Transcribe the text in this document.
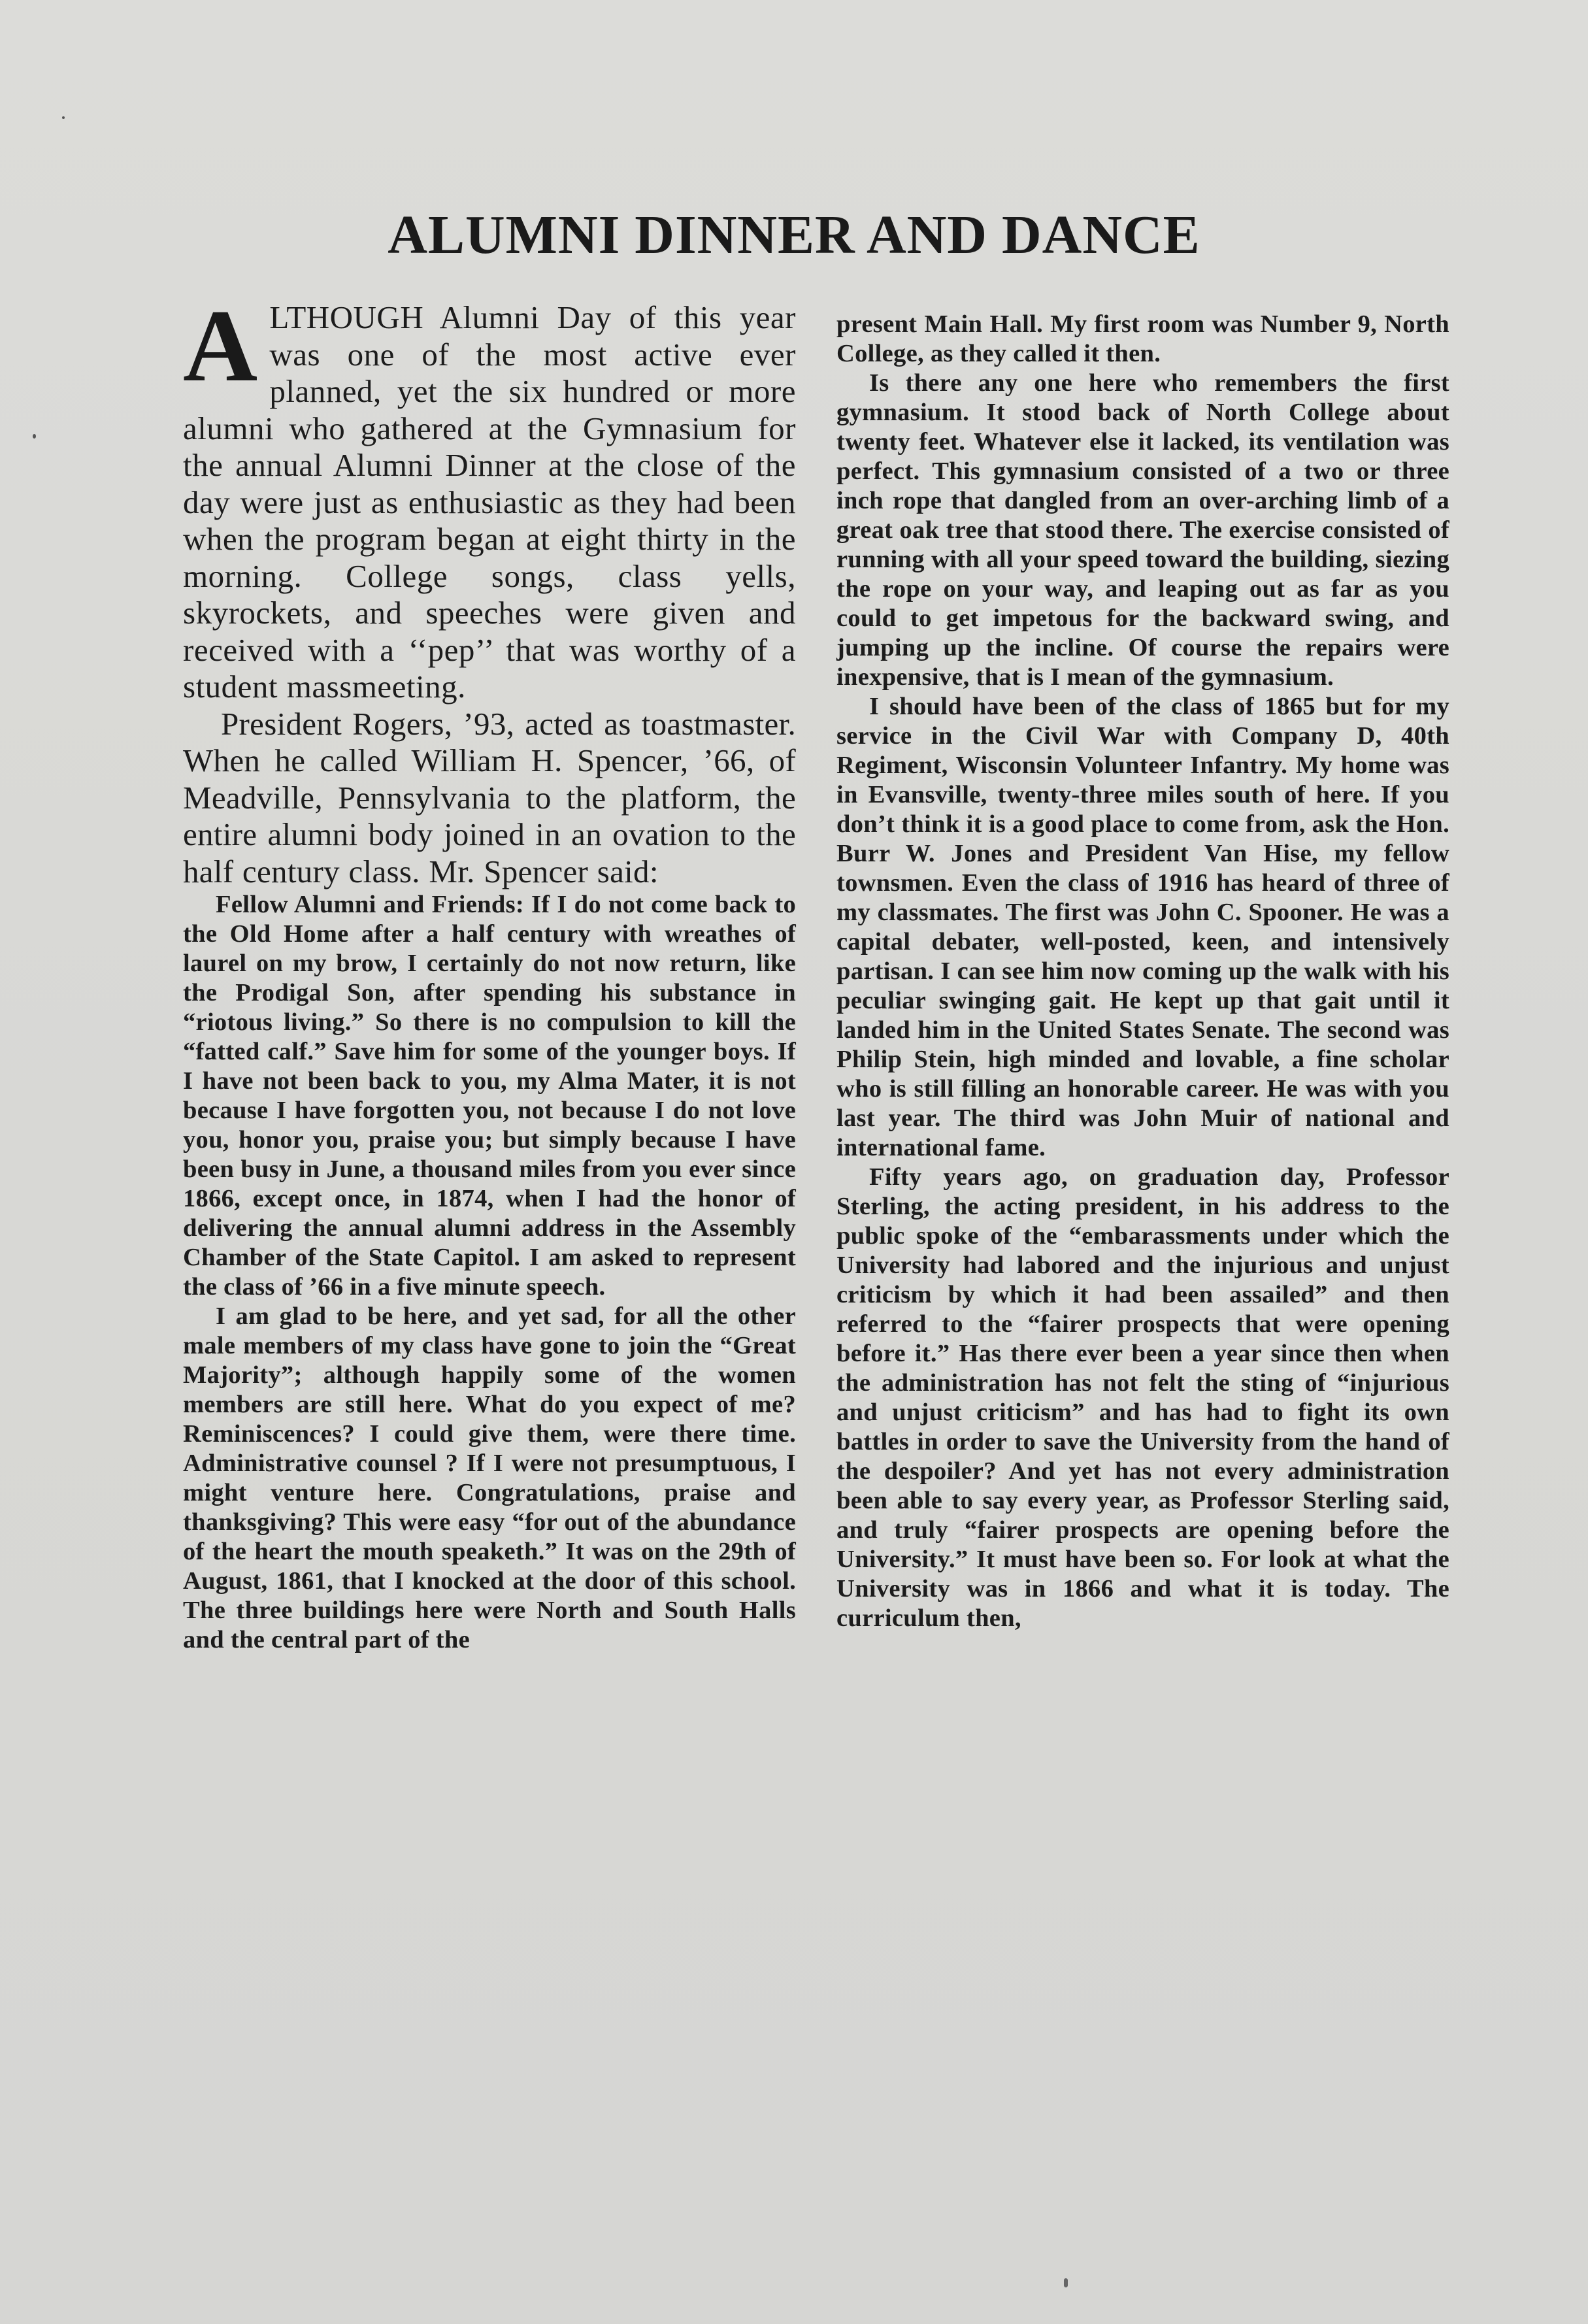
ALUMNI DINNER AND DANCE

ALTHOUGH Alumni Day of this year was one of the most active ever planned, yet the six hundred or more alumni who gathered at the Gymnasium for the annual Alumni Dinner at the close of the day were just as enthusiastic as they had been when the program began at eight thirty in the morning. College songs, class yells, skyrockets, and speeches were given and received with a ‘‘pep’’ that was worthy of a student massmeeting.

President Rogers, ’93, acted as toastmaster. When he called William H. Spencer, ’66, of Meadville, Pennsylvania to the platform, the entire alumni body joined in an ovation to the half century class. Mr. Spencer said:

Fellow Alumni and Friends: If I do not come back to the Old Home after a half century with wreathes of laurel on my brow, I certainly do not now return, like the Prodigal Son, after spending his substance in “riotous living.” So there is no compulsion to kill the “fatted calf.” Save him for some of the younger boys. If I have not been back to you, my Alma Mater, it is not because I have forgotten you, not because I do not love you, honor you, praise you; but simply because I have been busy in June, a thousand miles from you ever since 1866, except once, in 1874, when I had the honor of delivering the annual alumni address in the Assembly Chamber of the State Capitol. I am asked to represent the class of ’66 in a five minute speech.

I am glad to be here, and yet sad, for all the other male members of my class have gone to join the “Great Majority”; although happily some of the women members are still here. What do you expect of me? Reminiscences? I could give them, were there time. Administrative counsel ? If I were not presumptuous, I might venture here. Congratulations, praise and thanksgiving? This were easy “for out of the abundance of the heart the mouth speaketh.” It was on the 29th of August, 1861, that I knocked at the door of this school. The three buildings here were North and South Halls and the central part of the

present Main Hall. My first room was Number 9, North College, as they called it then.

Is there any one here who remembers the first gymnasium. It stood back of North College about twenty feet. Whatever else it lacked, its ventilation was perfect. This gymnasium consisted of a two or three inch rope that dangled from an over-arching limb of a great oak tree that stood there. The exercise consisted of running with all your speed toward the building, siezing the rope on your way, and leaping out as far as you could to get impetous for the backward swing, and jumping up the incline. Of course the repairs were inexpensive, that is I mean of the gymnasium.

I should have been of the class of 1865 but for my service in the Civil War with Company D, 40th Regiment, Wisconsin Volunteer Infantry. My home was in Evansville, twenty-three miles south of here. If you don’t think it is a good place to come from, ask the Hon. Burr W. Jones and President Van Hise, my fellow townsmen. Even the class of 1916 has heard of three of my classmates. The first was John C. Spooner. He was a capital debater, well-posted, keen, and intensively partisan. I can see him now coming up the walk with his peculiar swinging gait. He kept up that gait until it landed him in the United States Senate. The second was Philip Stein, high minded and lovable, a fine scholar who is still filling an honorable career. He was with you last year. The third was John Muir of national and international fame.

Fifty years ago, on graduation day, Professor Sterling, the acting president, in his address to the public spoke of the “embarassments under which the University had labored and the injurious and unjust criticism by which it had been assailed” and then referred to the “fairer prospects that were opening before it.” Has there ever been a year since then when the administration has not felt the sting of “injurious and unjust criticism” and has had to fight its own battles in order to save the University from the hand of the despoiler? And yet has not every administration been able to say every year, as Professor Sterling said, and truly “fairer prospects are opening before the University.” It must have been so. For look at what the University was in 1866 and what it is today. The curriculum then,
